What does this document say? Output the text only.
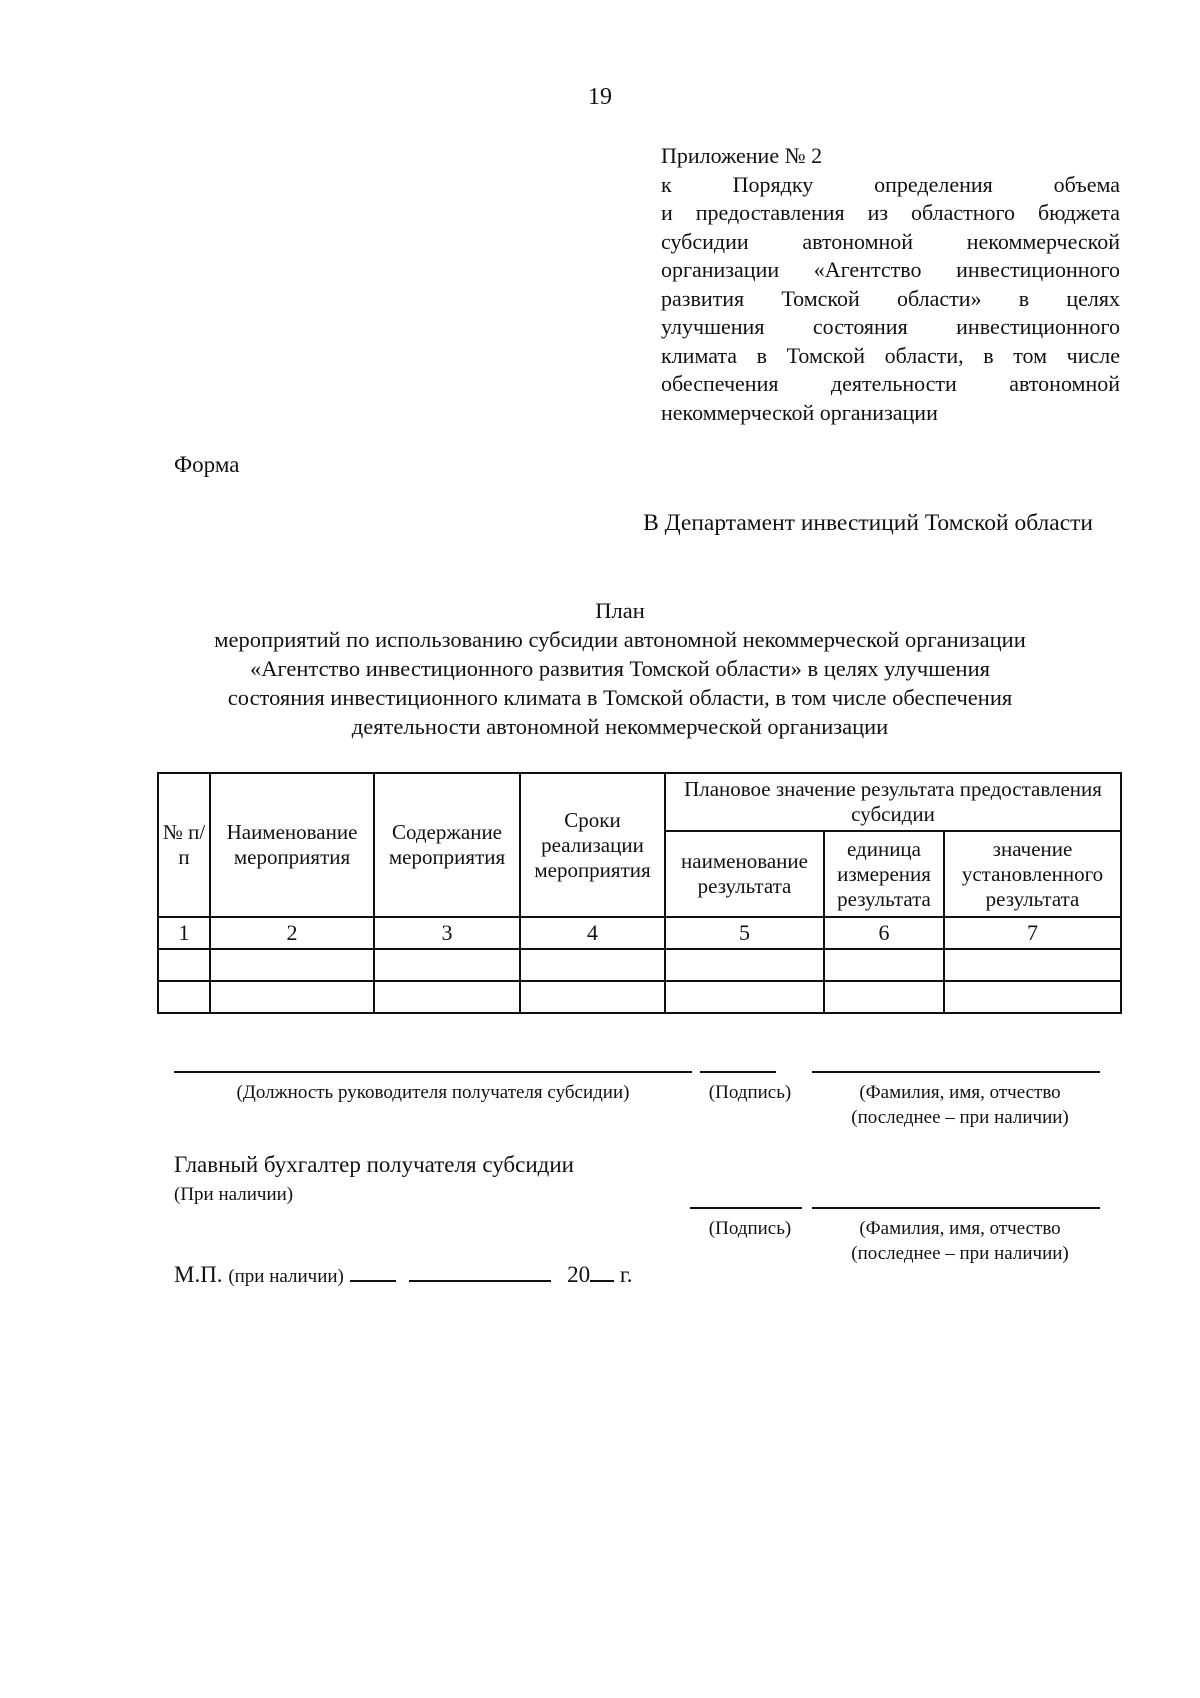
19
Приложение № 2
к Порядку определения объема
и предоставления из областного бюджета
субсидии автономной некоммерческой
организации «Агентство инвестиционного
развития Томской области» в целях
улучшения состояния инвестиционного
климата в Томской области, в том числе
обеспечения деятельности автономной
некоммерческой организации
Форма
В Департамент инвестиций Томской области
План
мероприятий по использованию субсидии автономной некоммерческой организации
«Агентство инвестиционного развития Томской области» в целях улучшения
состояния инвестиционного климата в Томской области, в том числе обеспечения
деятельности автономной некоммерческой организации
№ п/п	Наименование мероприятия	Содержание мероприятия	Сроки реализации мероприятия	Плановое значение результата предоставления субсидии		
				наименование результата	единица измерения результата	значение установленного результата
1	2	3	4	5	6	7

(Должность руководителя получателя субсидии)	(Подпись)	(Фамилия, имя, отчество
(последнее – при наличии)
Главный бухгалтер получателя субсидии
(При наличии)
(Подпись)	(Фамилия, имя, отчество
(последнее – при наличии)
М.П. (при наличии)	20 г.
